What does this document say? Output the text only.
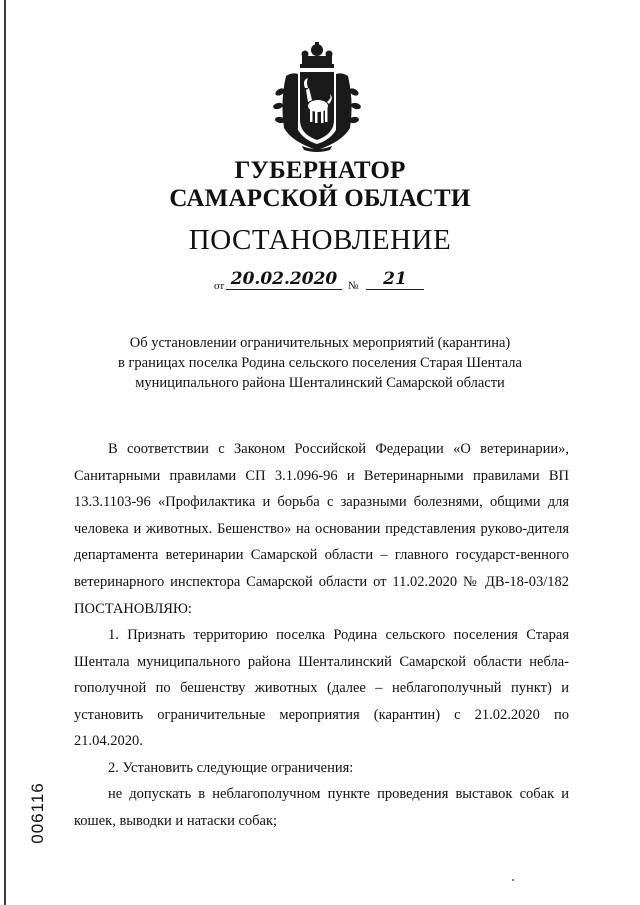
ГУБЕРНАТОР
САМАРСКОЙ ОБЛАСТИ
ПОСТАНОВЛЕНИЕ
от 20.02.2020 №	21
Об установлении ограничительных мероприятий (карантина)
в границах поселка Родина сельского поселения Старая Шентала
муниципального района Шенталинский Самарской области
В соответствии с Законом Российской Федерации «О ветеринарии», Санитарными правилами СП 3.1.096-96 и Ветеринарными правилами ВП 13.3.1103-96 «Профилактика и борьба с заразными болезнями, общими для человека и животных. Бешенство» на основании представления руково-дителя департамента ветеринарии Самарской области – главного государст-венного ветеринарного инспектора Самарской области от 11.02.2020 № ДВ-18-03/182 ПОСТАНОВЛЯЮ:
1. Признать территорию поселка Родина сельского поселения Старая Шентала муниципального района Шенталинский Самарской области небла-гополучной по бешенству животных (далее – неблагополучный пункт) и установить ограничительные мероприятия (карантин) с 21.02.2020 по 21.04.2020.
2. Установить следующие ограничения:
не допускать в неблагополучном пункте проведения выставок собак и кошек, выводки и натаски собак;
006116
